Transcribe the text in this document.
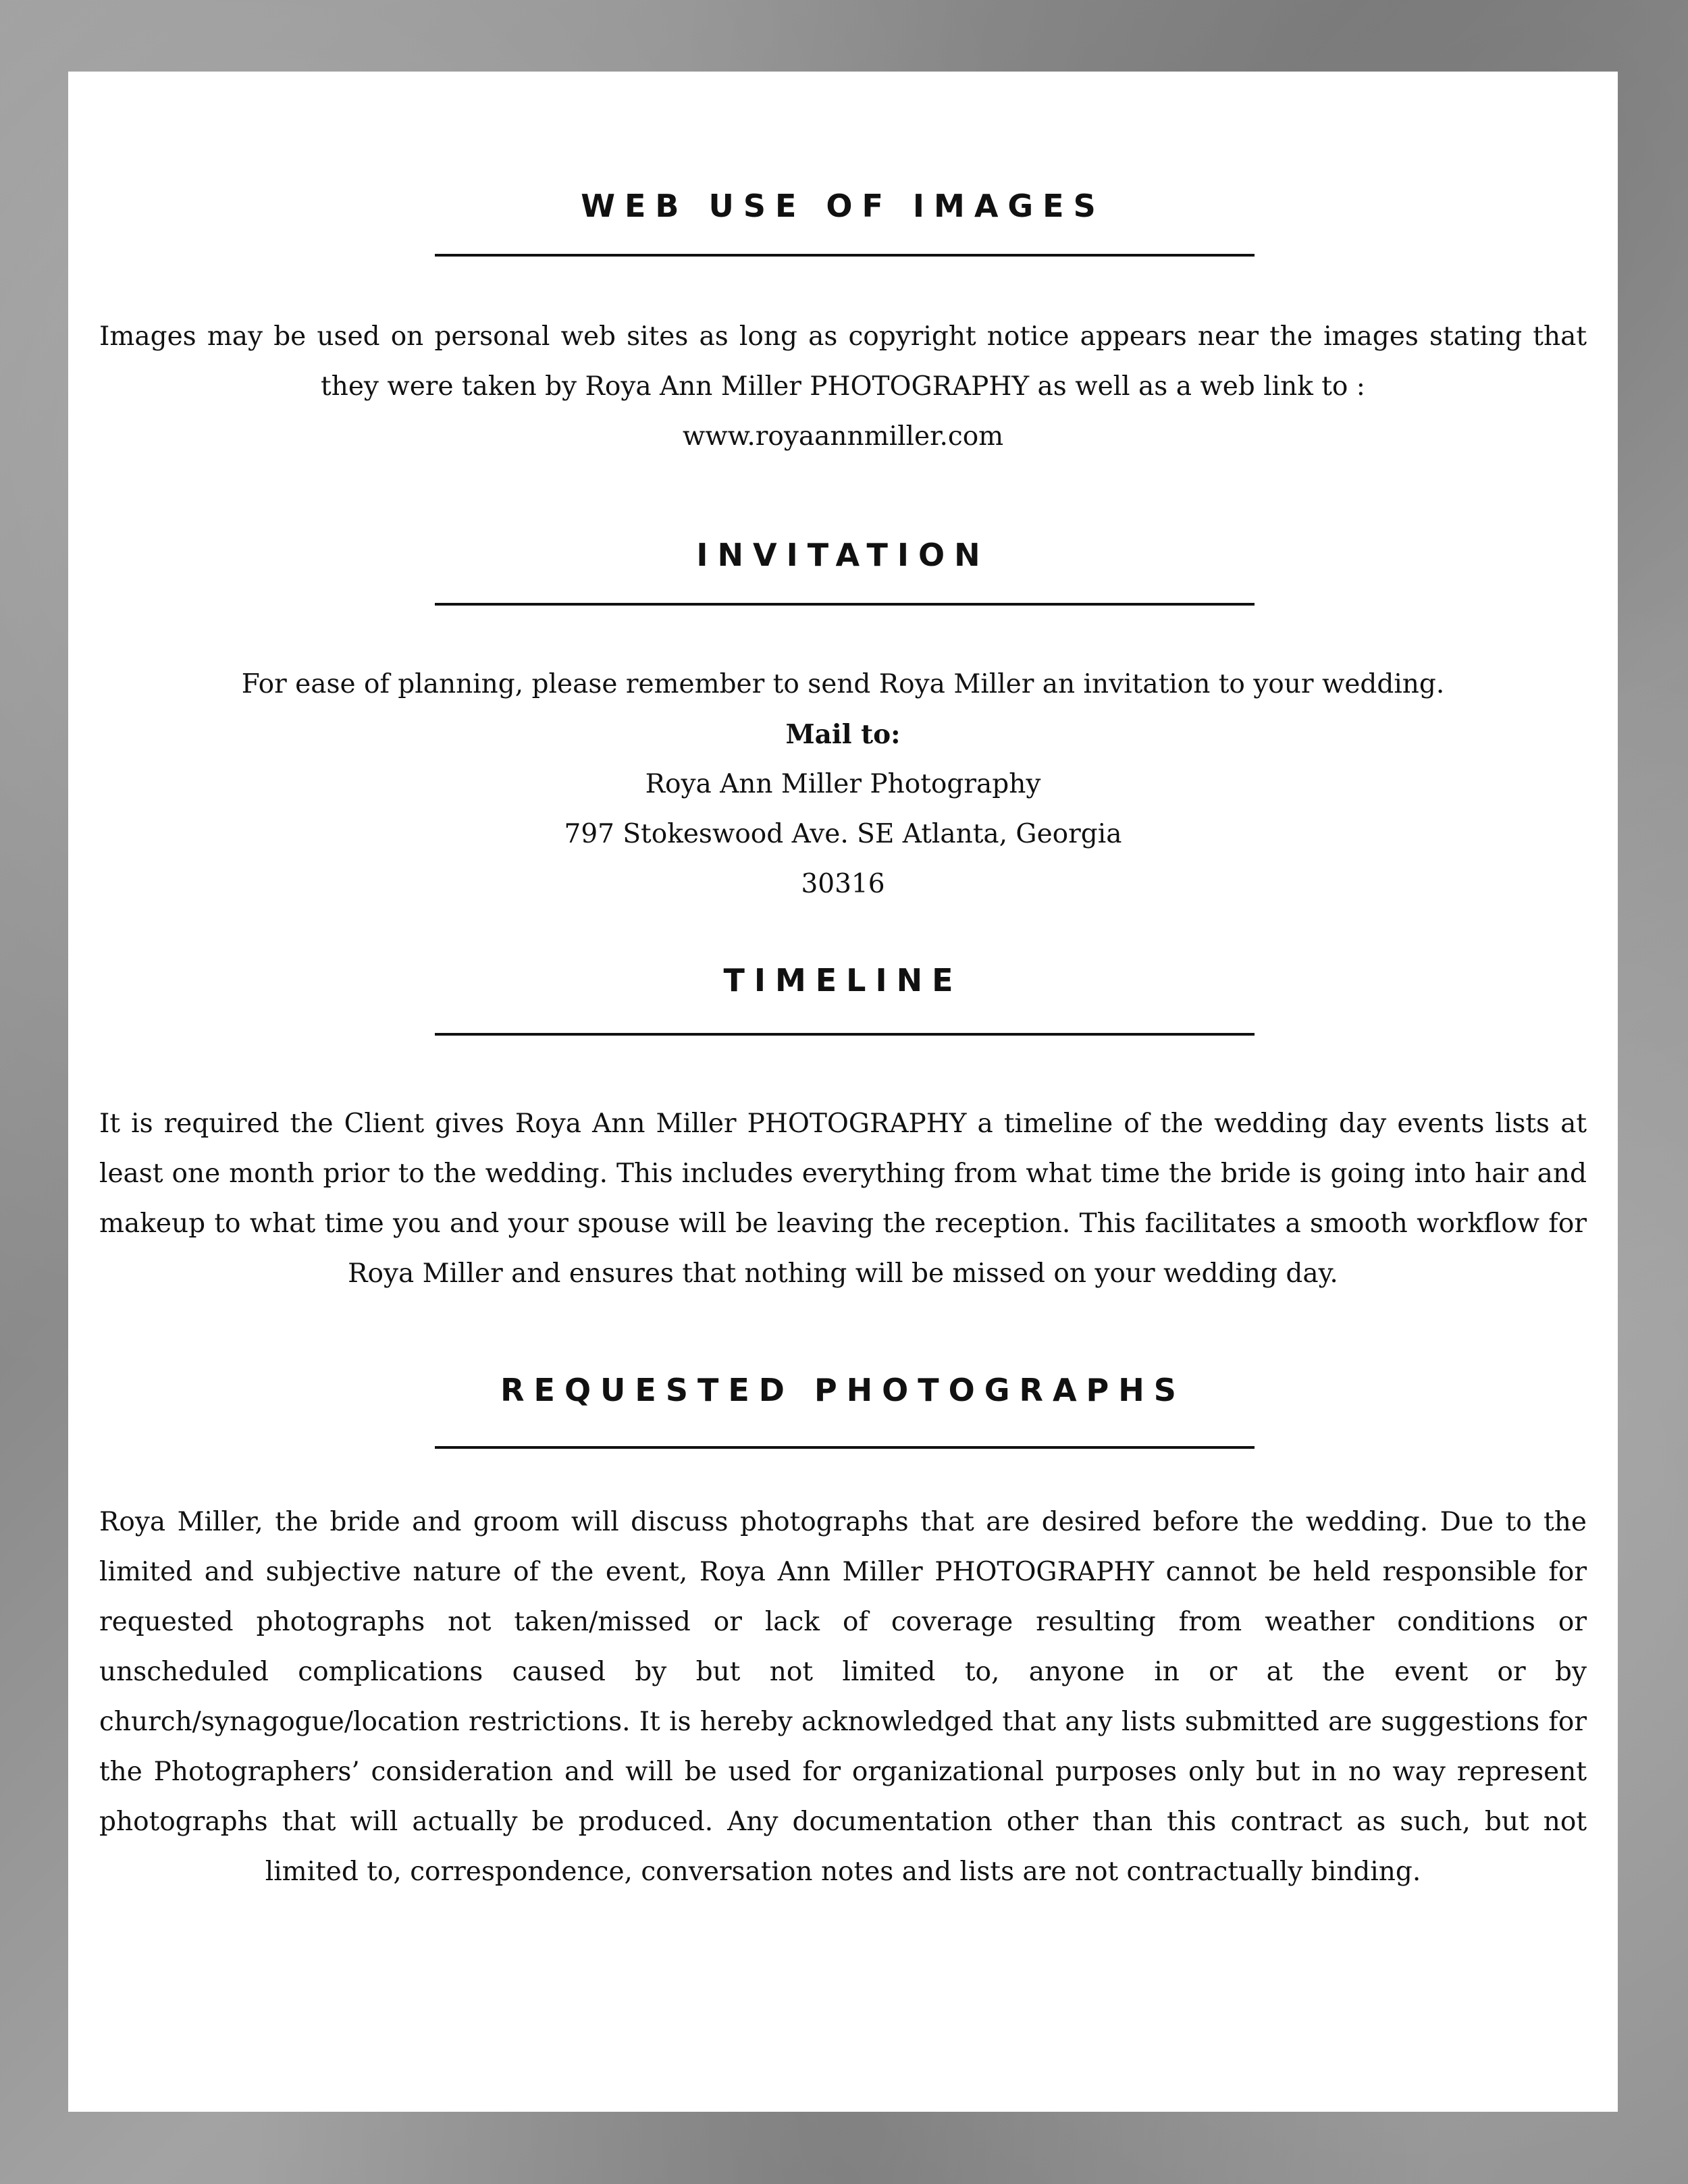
WEB USE OF IMAGES

Images may be used on personal web sites as long as copyright notice appears near the images stating that they were taken by Roya Ann Miller PHOTOGRAPHY as well as a web link to :
www.royaannmiller.com

INVITATION

For ease of planning, please remember to send Roya Miller an invitation to your wedding.
Mail to:
Roya Ann Miller Photography
797 Stokeswood Ave. SE Atlanta, Georgia
30316

TIMELINE

It is required the Client gives Roya Ann Miller PHOTOGRAPHY a timeline of the wedding day events lists at least one month prior to the wedding. This includes everything from what time the bride is going into hair and makeup to what time you and your spouse will be leaving the reception. This facilitates a smooth workflow for Roya Miller and ensures that nothing will be missed on your wedding day.

REQUESTED PHOTOGRAPHS

Roya Miller, the bride and groom will discuss photographs that are desired before the wedding. Due to the limited and subjective nature of the event, Roya Ann Miller PHOTOGRAPHY cannot be held responsible for requested photographs not taken/missed or lack of coverage resulting from weather conditions or unscheduled complications caused by but not limited to, anyone in or at the event or by church/synagogue/location restrictions. It is hereby acknowledged that any lists submitted are suggestions for the Photographers’ consideration and will be used for organizational purposes only but in no way represent photographs that will actually be produced. Any documentation other than this contract as such, but not limited to, correspondence, conversation notes and lists are not contractually binding.
